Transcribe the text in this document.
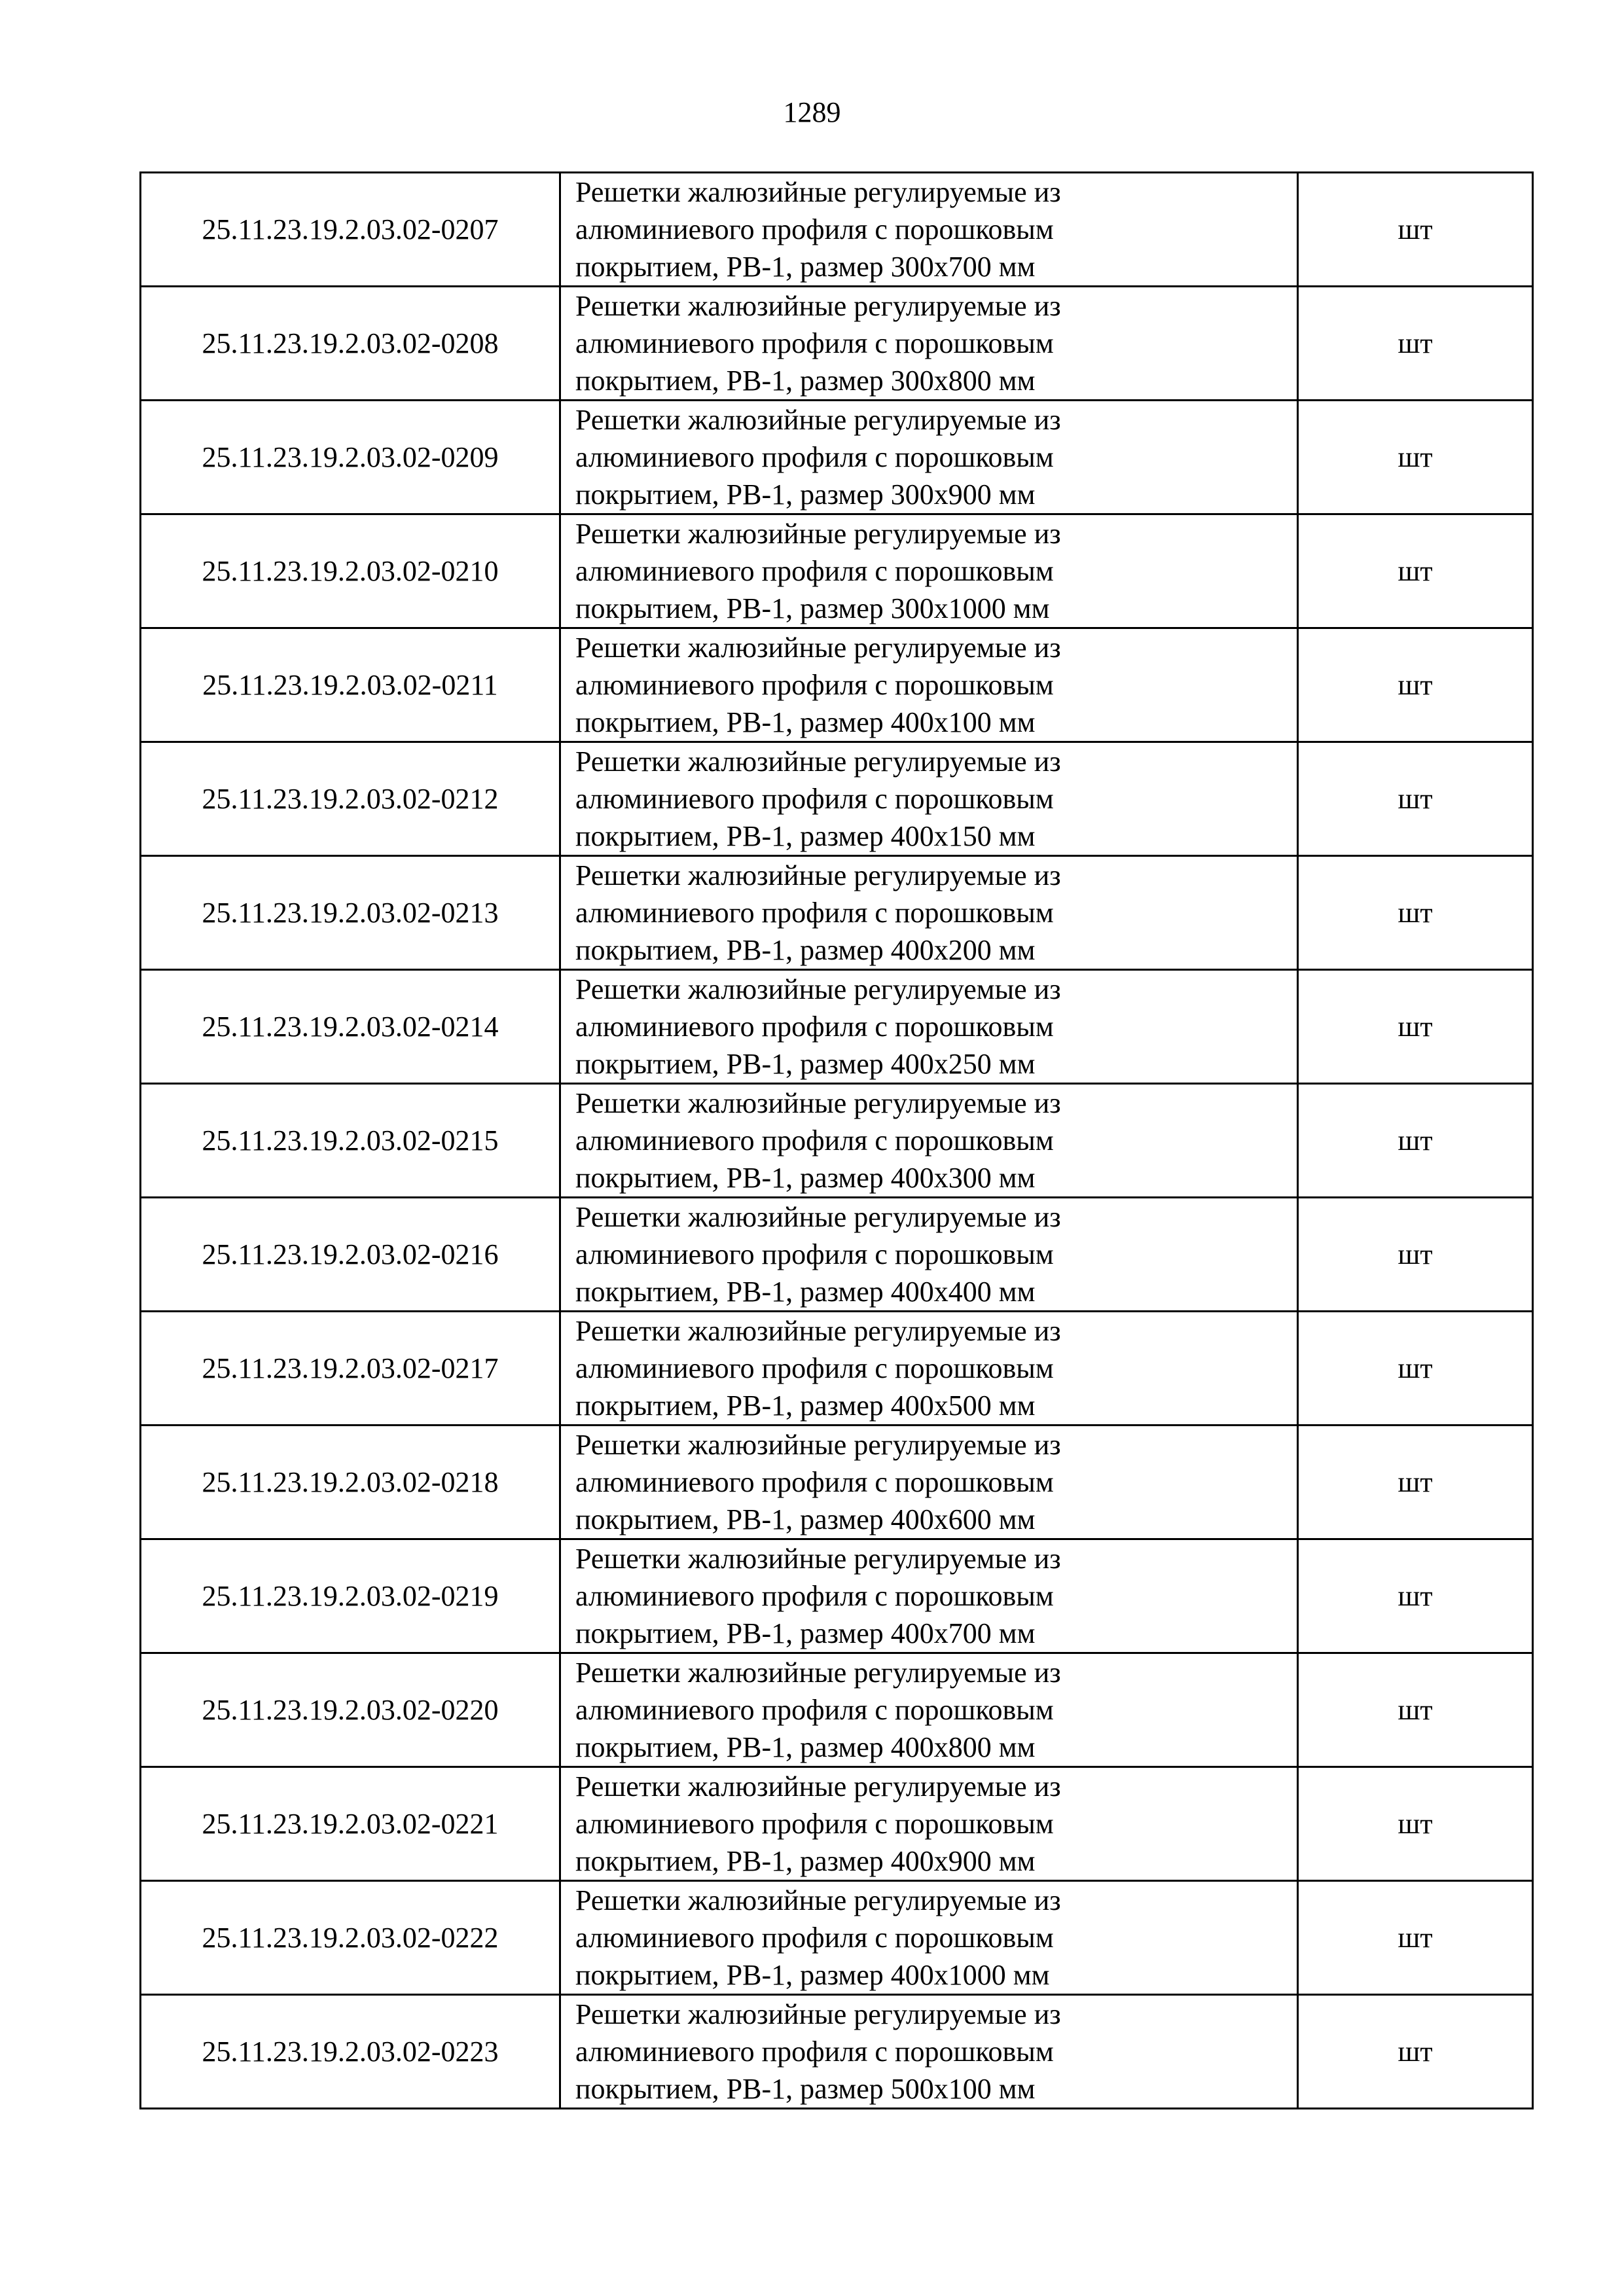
1289
25.11.23.19.2.03.02-0207	Решетки жалюзийные регулируемые из
алюминиевого профиля с порошковым
покрытием, РВ-1, размер 300х700 мм	шт
25.11.23.19.2.03.02-0208	Решетки жалюзийные регулируемые из
алюминиевого профиля с порошковым
покрытием, РВ-1, размер 300х800 мм	шт
25.11.23.19.2.03.02-0209	Решетки жалюзийные регулируемые из
алюминиевого профиля с порошковым
покрытием, РВ-1, размер 300х900 мм	шт
25.11.23.19.2.03.02-0210	Решетки жалюзийные регулируемые из
алюминиевого профиля с порошковым
покрытием, РВ-1, размер 300х1000 мм	шт
25.11.23.19.2.03.02-0211	Решетки жалюзийные регулируемые из
алюминиевого профиля с порошковым
покрытием, РВ-1, размер 400х100 мм	шт
25.11.23.19.2.03.02-0212	Решетки жалюзийные регулируемые из
алюминиевого профиля с порошковым
покрытием, РВ-1, размер 400х150 мм	шт
25.11.23.19.2.03.02-0213	Решетки жалюзийные регулируемые из
алюминиевого профиля с порошковым
покрытием, РВ-1, размер 400х200 мм	шт
25.11.23.19.2.03.02-0214	Решетки жалюзийные регулируемые из
алюминиевого профиля с порошковым
покрытием, РВ-1, размер 400х250 мм	шт
25.11.23.19.2.03.02-0215	Решетки жалюзийные регулируемые из
алюминиевого профиля с порошковым
покрытием, РВ-1, размер 400х300 мм	шт
25.11.23.19.2.03.02-0216	Решетки жалюзийные регулируемые из
алюминиевого профиля с порошковым
покрытием, РВ-1, размер 400х400 мм	шт
25.11.23.19.2.03.02-0217	Решетки жалюзийные регулируемые из
алюминиевого профиля с порошковым
покрытием, РВ-1, размер 400х500 мм	шт
25.11.23.19.2.03.02-0218	Решетки жалюзийные регулируемые из
алюминиевого профиля с порошковым
покрытием, РВ-1, размер 400х600 мм	шт
25.11.23.19.2.03.02-0219	Решетки жалюзийные регулируемые из
алюминиевого профиля с порошковым
покрытием, РВ-1, размер 400х700 мм	шт
25.11.23.19.2.03.02-0220	Решетки жалюзийные регулируемые из
алюминиевого профиля с порошковым
покрытием, РВ-1, размер 400х800 мм	шт
25.11.23.19.2.03.02-0221	Решетки жалюзийные регулируемые из
алюминиевого профиля с порошковым
покрытием, РВ-1, размер 400х900 мм	шт
25.11.23.19.2.03.02-0222	Решетки жалюзийные регулируемые из
алюминиевого профиля с порошковым
покрытием, РВ-1, размер 400х1000 мм	шт
25.11.23.19.2.03.02-0223	Решетки жалюзийные регулируемые из
алюминиевого профиля с порошковым
покрытием, РВ-1, размер 500х100 мм	шт
